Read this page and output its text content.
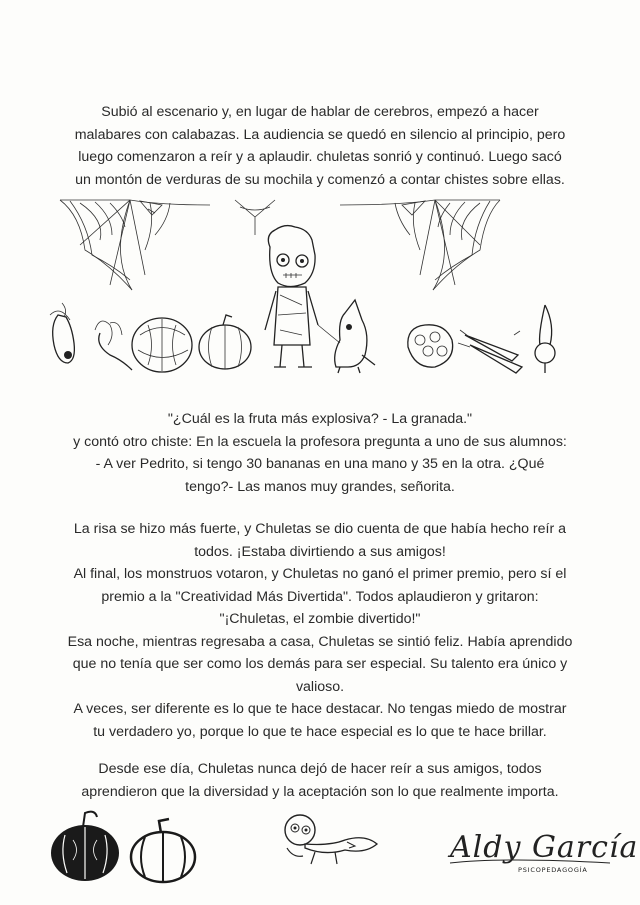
Subió al escenario y, en lugar de hablar de cerebros, empezó a hacer
malabares con calabazas. La audiencia se quedó en silencio al principio, pero
luego comenzaron a reír y a aplaudir. chuletas sonrió y continuó. Luego sacó
un montón de verduras de su mochila y comenzó a contar chistes sobre ellas.
"¿Cuál es la fruta más explosiva? - La granada."
y contó otro chiste: En la escuela la profesora pregunta a uno de sus alumnos:
- A ver Pedrito, si tengo 30 bananas en una mano y 35 en la otra. ¿Qué
tengo?- Las manos muy grandes, señorita.
La risa se hizo más fuerte, y Chuletas se dio cuenta de que había hecho reír a
todos. ¡Estaba divirtiendo a sus amigos!
Al final, los monstruos votaron, y Chuletas no ganó el primer premio, pero sí el
premio a la "Creatividad Más Divertida". Todos aplaudieron y gritaron:
"¡Chuletas, el zombie divertido!"
Esa noche, mientras regresaba a casa, Chuletas se sintió feliz. Había aprendido
que no tenía que ser como los demás para ser especial. Su talento era único y
valioso.
A veces, ser diferente es lo que te hace destacar. No tengas miedo de mostrar
tu verdadero yo, porque lo que te hace especial es lo que te hace brillar.
Desde ese día, Chuletas nunca dejó de hacer reír a sus amigos, todos
aprendieron que la diversidad y la aceptación son lo que realmente importa.
Aldy García
PSICOPEDAGOGÍA
